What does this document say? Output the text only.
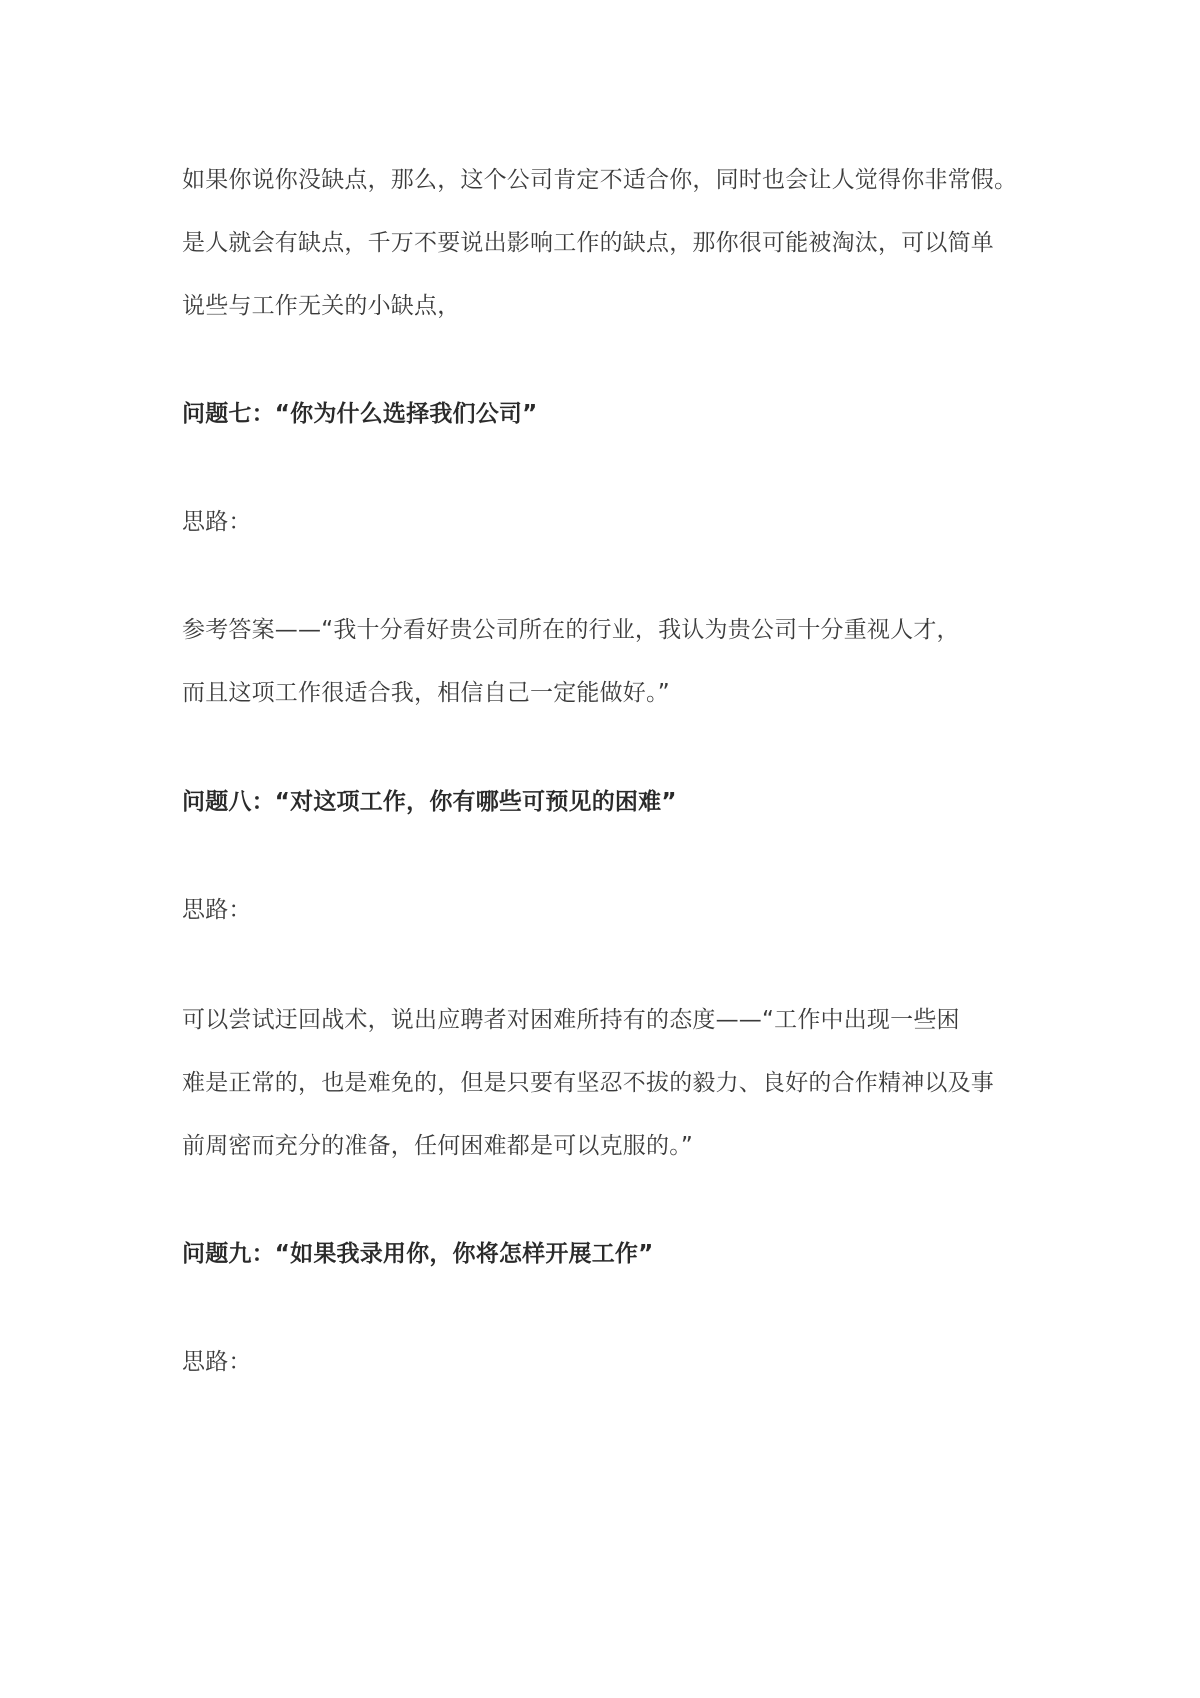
如果你说你没缺点，那么，这个公司肯定不适合你，同时也会让人觉得你非常假。

是人就会有缺点，千万不要说出影响工作的缺点，那你很可能被淘汰，可以简单

说些与工作无关的小缺点，

问题七：“你为什么选择我们公司”

思路：

参考答案——“我十分看好贵公司所在的行业，我认为贵公司十分重视人才，

而且这项工作很适合我，相信自己一定能做好。”

问题八：“对这项工作，你有哪些可预见的困难”

思路：

可以尝试迂回战术，说出应聘者对困难所持有的态度——“工作中出现一些困

难是正常的，也是难免的，但是只要有坚忍不拔的毅力、良好的合作精神以及事

前周密而充分的准备，任何困难都是可以克服的。”

问题九：“如果我录用你，你将怎样开展工作”

思路：
